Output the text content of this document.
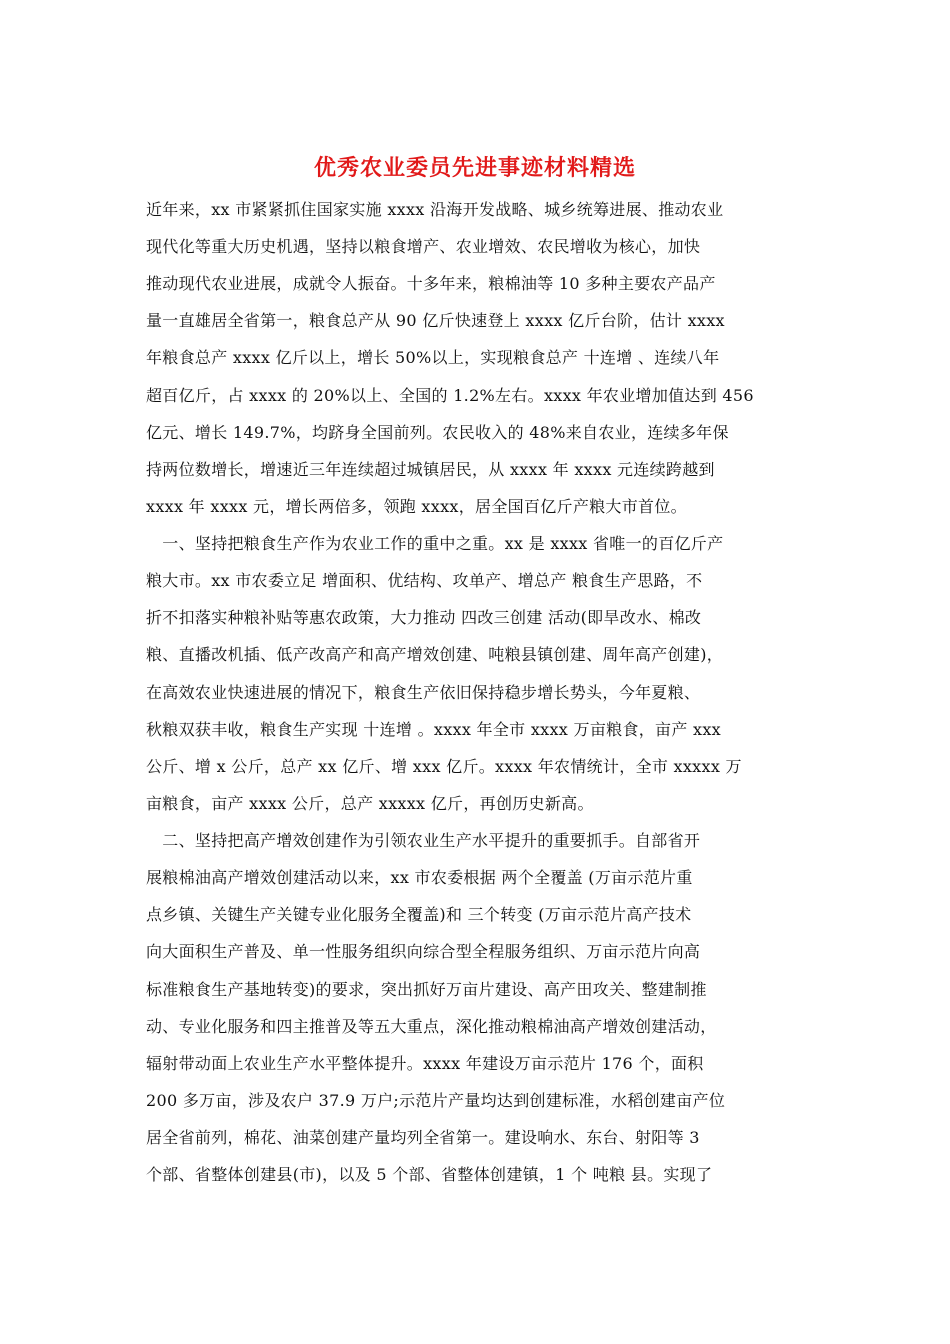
优秀农业委员先进事迹材料精选
近年来，xx 市紧紧抓住国家实施 xxxx 沿海开发战略、城乡统筹进展、推动农业
现代化等重大历史机遇，坚持以粮食增产、农业增效、农民增收为核心，加快
推动现代农业进展，成就令人振奋。十多年来，粮棉油等 10 多种主要农产品产
量一直雄居全省第一，粮食总产从 90 亿斤快速登上 xxxx 亿斤台阶，估计 xxxx
年粮食总产 xxxx 亿斤以上，增长 50%以上，实现粮食总产 十连增 、连续八年
超百亿斤，占 xxxx 的 20%以上、全国的 1.2%左右。xxxx 年农业增加值达到 456
亿元、增长 149.7%，均跻身全国前列。农民收入的 48%来自农业，连续多年保
持两位数增长，增速近三年连续超过城镇居民，从 xxxx 年 xxxx 元连续跨越到
xxxx 年 xxxx 元，增长两倍多，领跑 xxxx，居全国百亿斤产粮大市首位。
　一、坚持把粮食生产作为农业工作的重中之重。xx 是 xxxx 省唯一的百亿斤产
粮大市。xx 市农委立足 增面积、优结构、攻单产、增总产 粮食生产思路，不
折不扣落实种粮补贴等惠农政策，大力推动 四改三创建 活动(即旱改水、棉改
粮、直播改机插、低产改高产和高产增效创建、吨粮县镇创建、周年高产创建)，
在高效农业快速进展的情况下，粮食生产依旧保持稳步增长势头，今年夏粮、
秋粮双获丰收，粮食生产实现 十连增 。xxxx 年全市 xxxx 万亩粮食，亩产 xxx
公斤、增 x 公斤，总产 xx 亿斤、增 xxx 亿斤。xxxx 年农情统计，全市 xxxxx 万
亩粮食，亩产 xxxx 公斤，总产 xxxxx 亿斤，再创历史新高。
　二、坚持把高产增效创建作为引领农业生产水平提升的重要抓手。自部省开
展粮棉油高产增效创建活动以来，xx 市农委根据 两个全覆盖 (万亩示范片重
点乡镇、关键生产关键专业化服务全覆盖)和 三个转变 (万亩示范片高产技术
向大面积生产普及、单一性服务组织向综合型全程服务组织、万亩示范片向高
标准粮食生产基地转变)的要求，突出抓好万亩片建设、高产田攻关、整建制推
动、专业化服务和四主推普及等五大重点，深化推动粮棉油高产增效创建活动，
辐射带动面上农业生产水平整体提升。xxxx 年建设万亩示范片 176 个，面积
200 多万亩，涉及农户 37.9 万户;示范片产量均达到创建标准，水稻创建亩产位
居全省前列，棉花、油菜创建产量均列全省第一。建设响水、东台、射阳等 3
个部、省整体创建县(市)，以及 5 个部、省整体创建镇，1 个 吨粮 县。实现了
